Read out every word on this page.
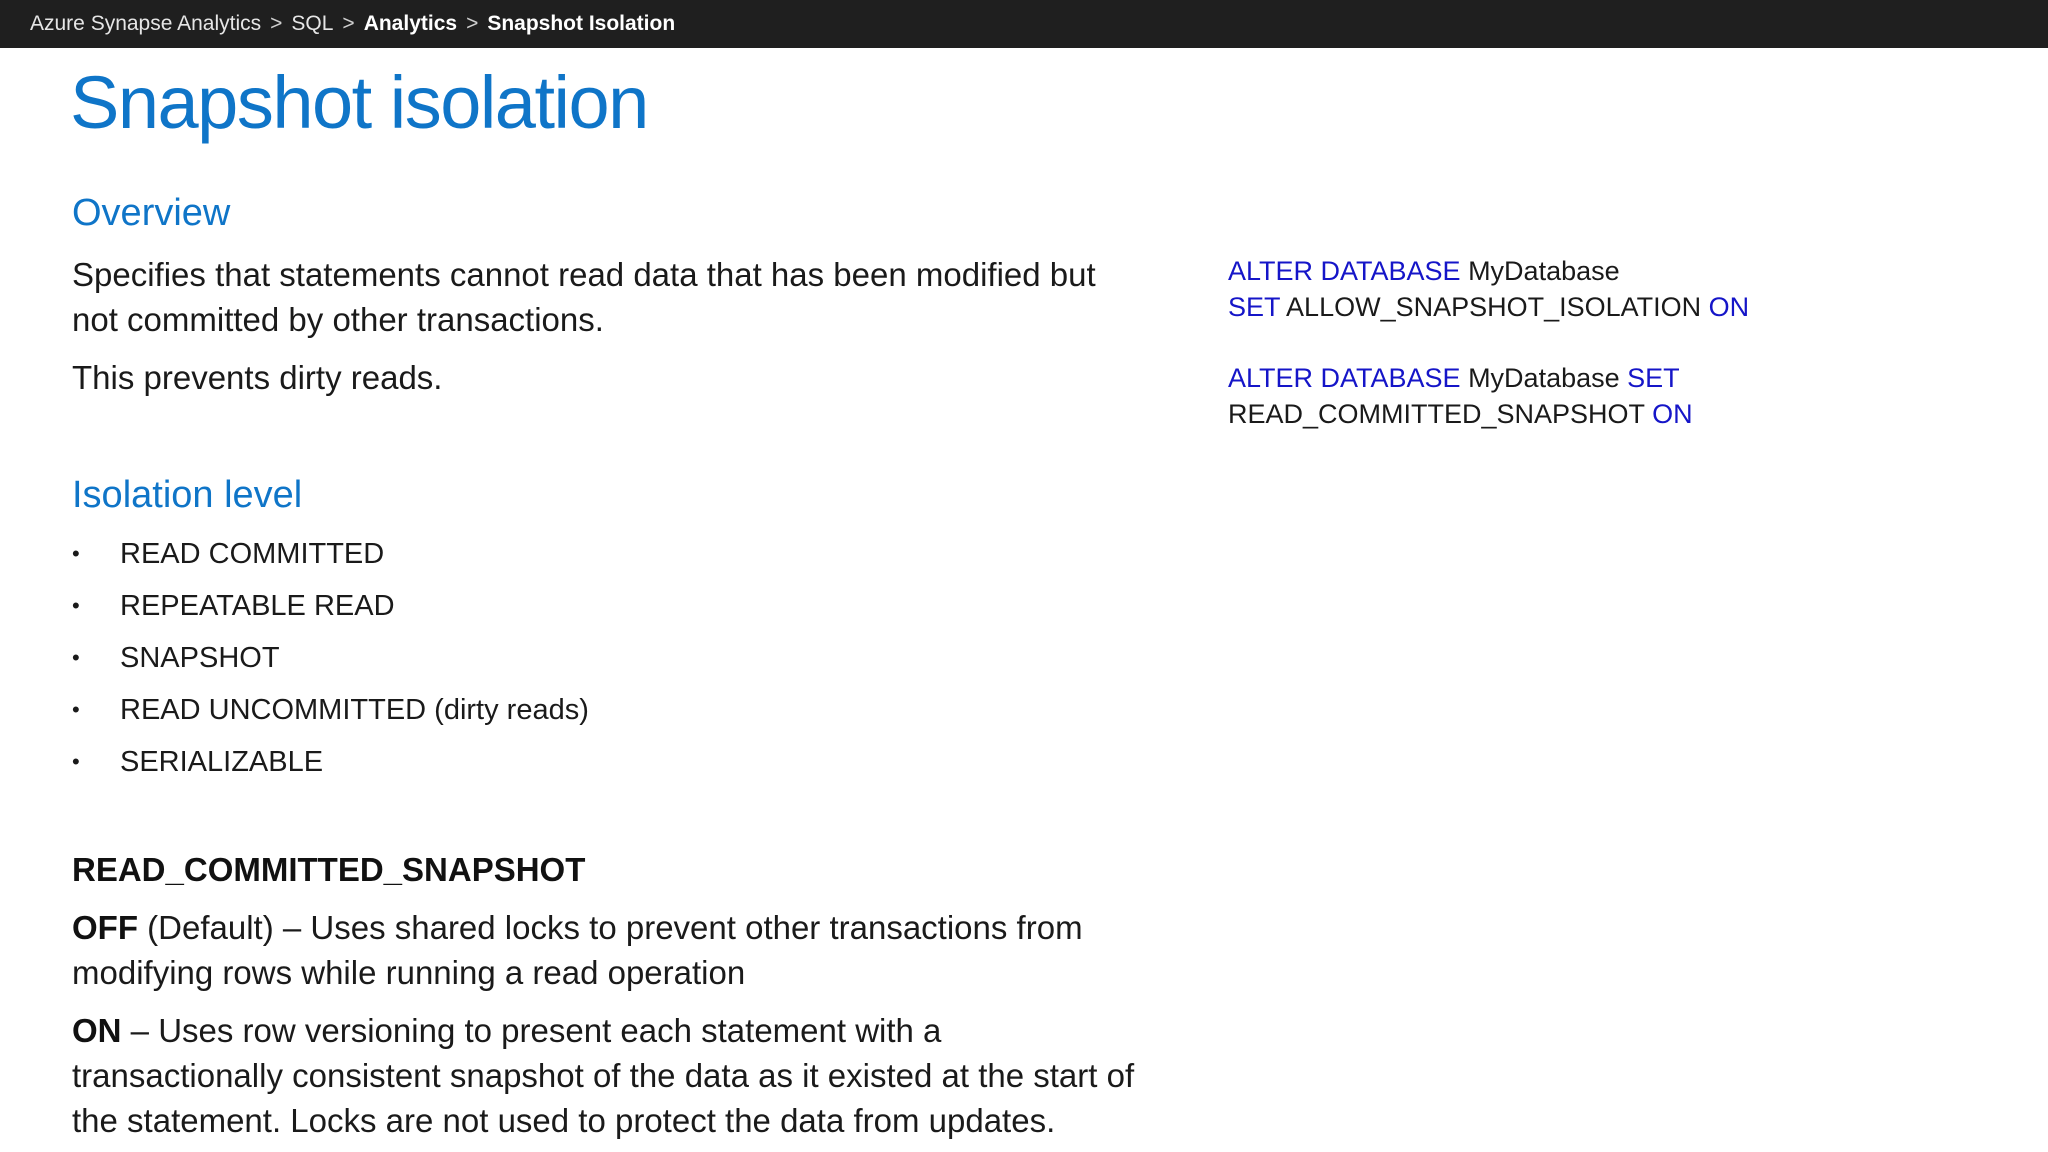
Azure Synapse Analytics > SQL > Analytics > Snapshot Isolation
Snapshot isolation
Overview

Specifies that statements cannot read data that has been modified but
not committed by other transactions.

This prevents dirty reads.

Isolation level
•	READ COMMITTED
•	REPEATABLE READ
•	SNAPSHOT
•	READ UNCOMMITTED (dirty reads)
•	SERIALIZABLE
READ_COMMITTED_SNAPSHOT

OFF (Default) – Uses shared locks to prevent other transactions from
modifying rows while running a read operation

ON – Uses row versioning to present each statement with a
transactionally consistent snapshot of the data as it existed at the start of
the statement. Locks are not used to protect the data from updates.

ALTER DATABASE MyDatabase
SET ALLOW_SNAPSHOT_ISOLATION ON
ALTER DATABASE MyDatabase SET
READ_COMMITTED_SNAPSHOT ON
